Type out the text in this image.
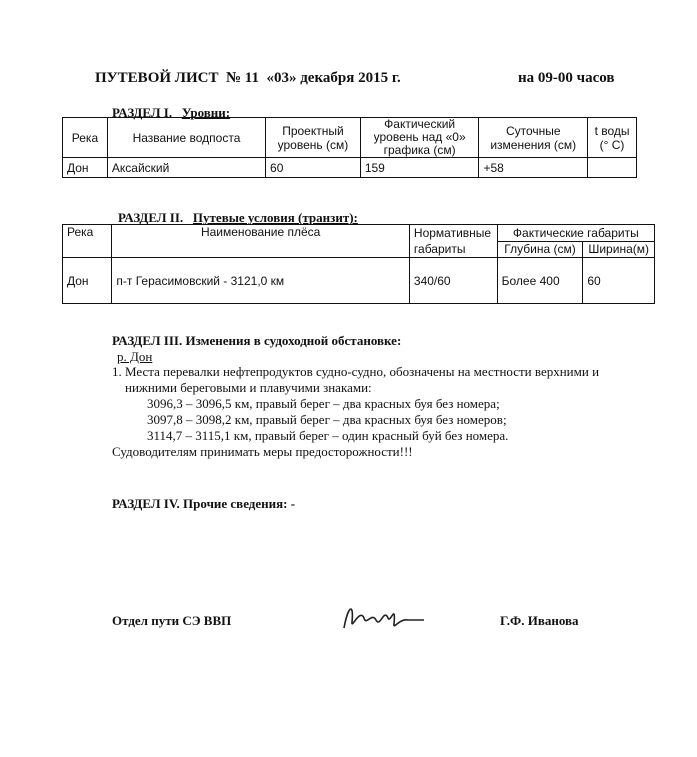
ПУТЕВОЙ ЛИСТ № 11 «03» декабря 2015 г.	на 09-00 часов
РАЗДЕЛ I. Уровни:
Река	Название водпоста	Проектный уровень (см)	Фактический уровень над «0» графика (см)	Суточные изменения (см)	t воды (° С)
Дон	Аксайский	60	159	+58	
РАЗДЕЛ II. Путевые условия (транзит):
Река	Наименование плёса	Нормативные габариты	Фактические габариты	
			Глубина (см)	Ширина(м)
Дон	п-т Герасимовский - 3121,0 км	340/60	Более 400	60
РАЗДЕЛ III. Изменения в судоходной обстановке:
р. Дон
1. Места перевалки нефтепродуктов судно-судно, обозначены на местности верхними и
нижними береговыми и плавучими знаками:
3096,3 – 3096,5 км, правый берег – два красных буя без номера;
3097,8 – 3098,2 км, правый берег – два красных буя без номеров;
3114,7 – 3115,1 км, правый берег – один красный буй без номера.
Судоводителям принимать меры предосторожности!!!
РАЗДЕЛ IV. Прочие сведения: -
Отдел пути СЭ ВВП	Г.Ф. Иванова
